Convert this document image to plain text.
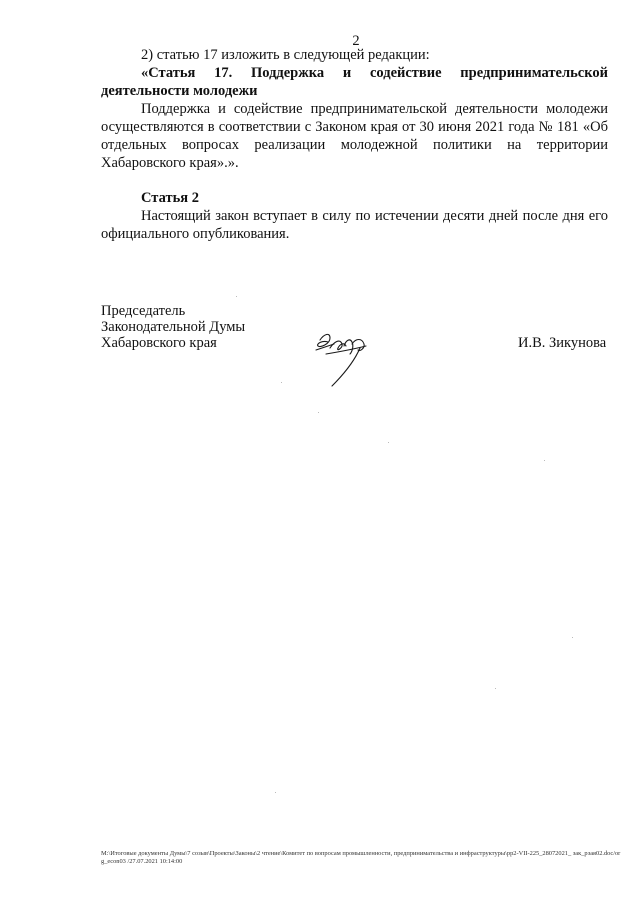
2

2) статью 17 изложить в следующей редакции:

«Статья 17. Поддержка и содействие предпринимательской

деятельности молодежи

Поддержка и содействие предпринимательской деятельности молодежи осуществляются в соответствии с Законом края от 30 июня 2021 года № 181 «Об отдельных вопросах реализации молодежной политики на территории Хабаровского края».».

Статья 2

Настоящий закон вступает в силу по истечении десяти дней после дня его официального опубликования.

Председатель
Законодательной Думы
Хабаровского края	И.В. Зикунова
M:\Итоговые документы Думы\7 созыв\Проекты\Законы\2 чтение\Комитет по вопросам промышленности, предпринимательства и инфраструктуры\рр2-VII-225_28072021_ зак_рзая02.doc/org_econ03 /27.07.2021 10:14:00
